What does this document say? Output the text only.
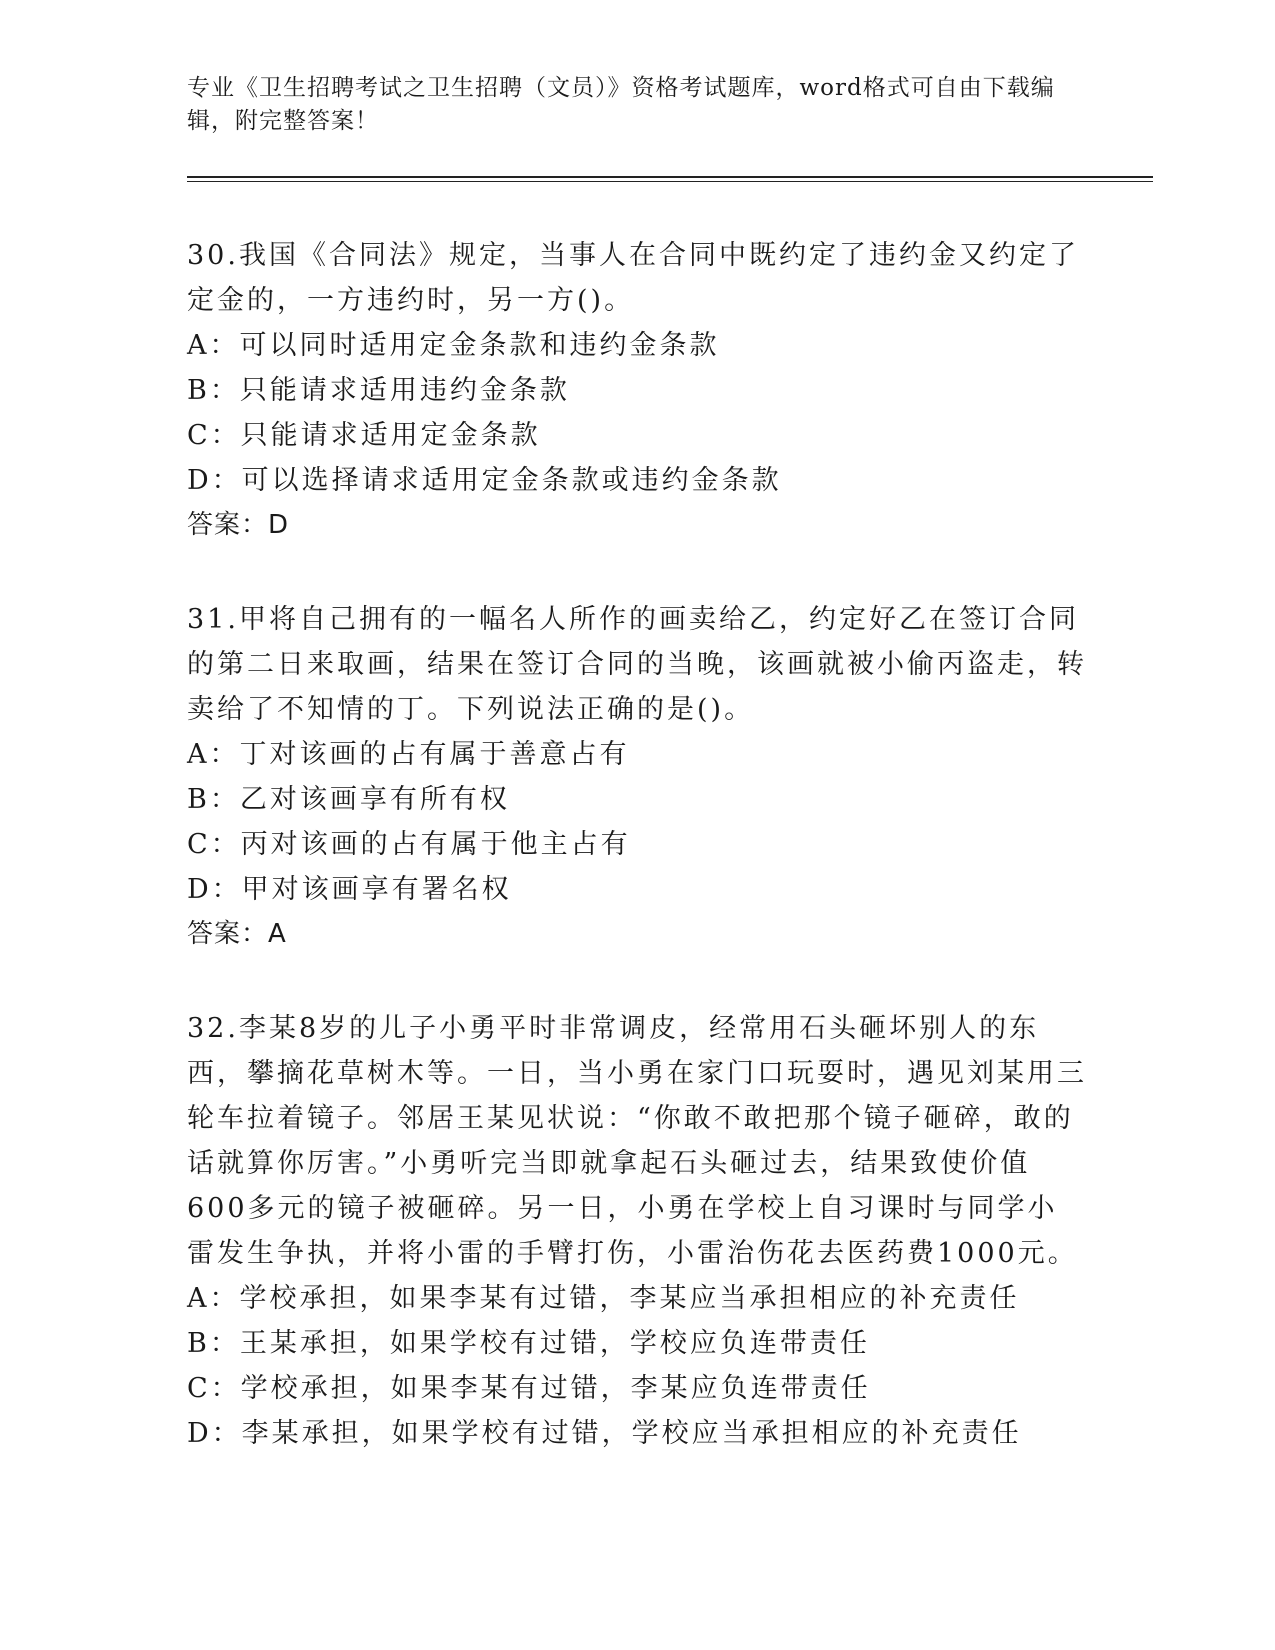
专业《卫生招聘考试之卫生招聘（文员）》资格考试题库，word格式可自由下载编辑，附完整答案！

30.我国《合同法》规定，当事人在合同中既约定了违约金又约定了定金的，一方违约时，另一方()。

A：可以同时适用定金条款和违约金条款

B：只能请求适用违约金条款

C：只能请求适用定金条款

D：可以选择请求适用定金条款或违约金条款

答案：D

31.甲将自己拥有的一幅名人所作的画卖给乙，约定好乙在签订合同的第二日来取画，结果在签订合同的当晚，该画就被小偷丙盗走，转卖给了不知情的丁。下列说法正确的是()。

A：丁对该画的占有属于善意占有

B：乙对该画享有所有权

C：丙对该画的占有属于他主占有

D：甲对该画享有署名权

答案：A

32.李某8岁的儿子小勇平时非常调皮，经常用石头砸坏别人的东西，攀摘花草树木等。一日，当小勇在家门口玩耍时，遇见刘某用三轮车拉着镜子。邻居王某见状说：“你敢不敢把那个镜子砸碎，敢的话就算你厉害。”小勇听完当即就拿起石头砸过去，结果致使价值600多元的镜子被砸碎。另一日，小勇在学校上自习课时与同学小雷发生争执，并将小雷的手臂打伤，小雷治伤花去医药费1000元。

A：学校承担，如果李某有过错，李某应当承担相应的补充责任

B：王某承担，如果学校有过错，学校应负连带责任

C：学校承担，如果李某有过错，李某应负连带责任

D：李某承担，如果学校有过错，学校应当承担相应的补充责任
